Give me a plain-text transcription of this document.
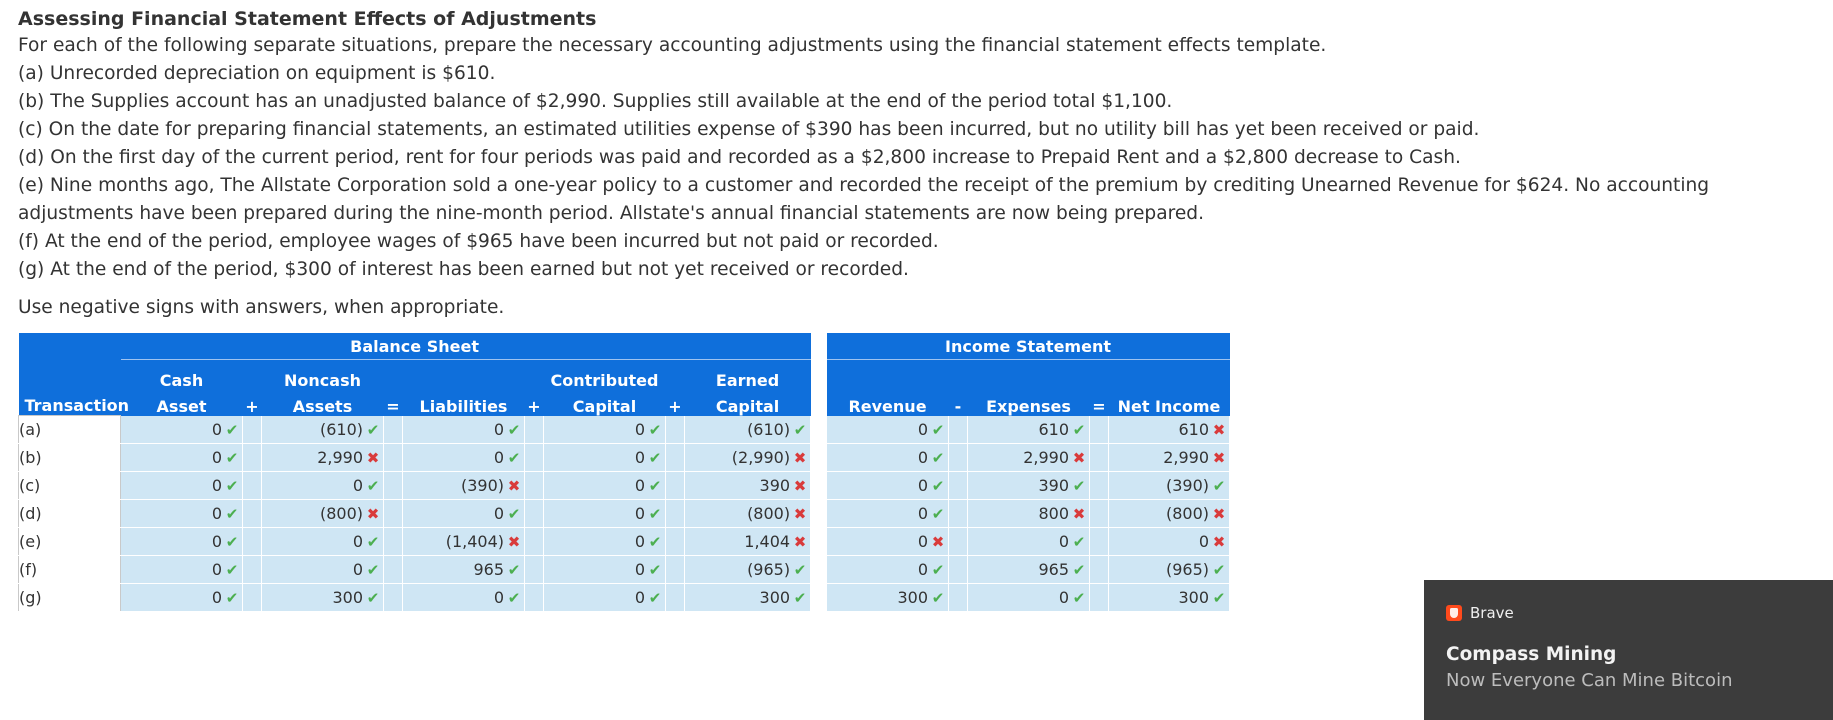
Assessing Financial Statement Effects of Adjustments
For each of the following separate situations, prepare the necessary accounting adjustments using the financial statement effects template.
(a) Unrecorded depreciation on equipment is $610.
(b) The Supplies account has an unadjusted balance of $2,990. Supplies still available at the end of the period total $1,100.
(c) On the date for preparing financial statements, an estimated utilities expense of $390 has been incurred, but no utility bill has yet been received or paid.
(d) On the first day of the current period, rent for four periods was paid and recorded as a $2,800 increase to Prepaid Rent and a $2,800 decrease to Cash.
(e) Nine months ago, The Allstate Corporation sold a one-year policy to a customer and recorded the receipt of the premium by crediting Unearned Revenue for $624. No accounting adjustments have been prepared during the nine-month period. Allstate's annual financial statements are now being prepared.
(f) At the end of the period, employee wages of $965 have been incurred but not paid or recorded.
(g) At the end of the period, $300 of interest has been earned but not yet received or recorded.
Use negative signs with answers, when appropriate.
Balance Sheet									
	Cash		Noncash				Contributed		Earned
Transaction	Asset	+	Assets	=	Liabilities	+	Capital	+	Capital
(a)	0 ✔		(610) ✔		0 ✔		0 ✔		(610) ✔
(b)	0 ✔		2,990 ✖		0 ✔		0 ✔		(2,990) ✖
(c)	0 ✔		0 ✔		(390) ✖		0 ✔		390 ✖
(d)	0 ✔		(800) ✖		0 ✔		0 ✔		(800) ✖
(e)	0 ✔		0 ✔		(1,404) ✖		0 ✔		1,404 ✖
(f)	0 ✔		0 ✔		965 ✔		0 ✔		(965) ✔
(g)	0 ✔		300 ✔		0 ✔		0 ✔		300 ✔
Income Statement				

Revenue	-	Expenses	=	Net Income
0 ✔		610 ✔		610 ✖
0 ✔		2,990 ✖		2,990 ✖
0 ✔		390 ✔		(390) ✔
0 ✔		800 ✖		(800) ✖
0 ✖		0 ✔		0 ✖
0 ✔		965 ✔		(965) ✔
300 ✔		0 ✔		300 ✔
Brave
Compass Mining
Now Everyone Can Mine Bitcoin
